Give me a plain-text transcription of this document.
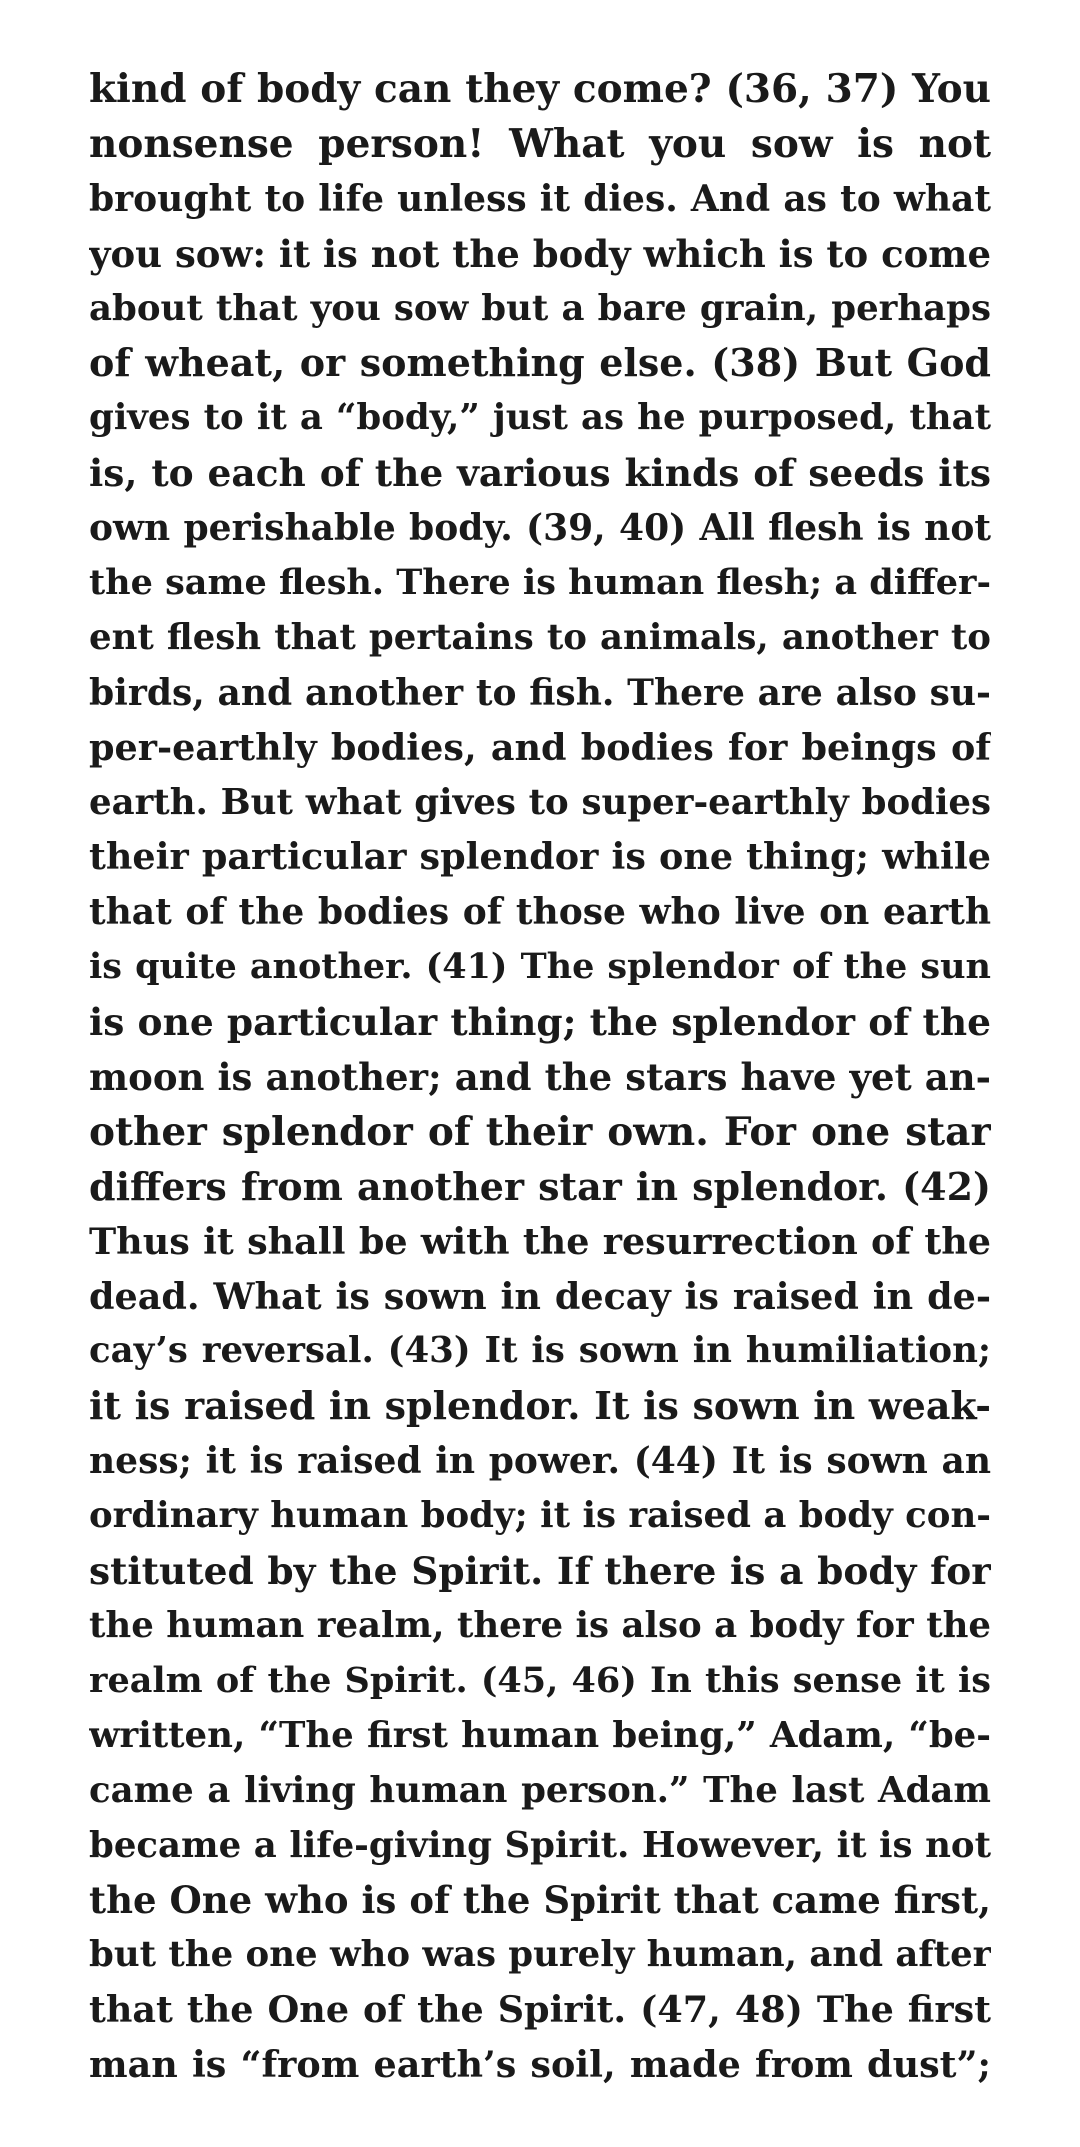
kind of body can they come? (36, 37) You
nonsense person! What you sow is not
brought to life unless it dies. And as to what
you sow: it is not the body which is to come
about that you sow but a bare grain, perhaps
of wheat, or something else. (38) But God
gives to it a “body,” just as he purposed, that
is, to each of the various kinds of seeds its
own perishable body. (39, 40) All flesh is not
the same flesh. There is human flesh; a differ-
ent flesh that pertains to animals, another to
birds, and another to fish. There are also su-
per-earthly bodies, and bodies for beings of
earth. But what gives to super-earthly bodies
their particular splendor is one thing; while
that of the bodies of those who live on earth
is quite another. (41) The splendor of the sun
is one particular thing; the splendor of the
moon is another; and the stars have yet an-
other splendor of their own. For one star
differs from another star in splendor. (42)
Thus it shall be with the resurrection of the
dead. What is sown in decay is raised in de-
cay’s reversal. (43) It is sown in humiliation;
it is raised in splendor. It is sown in weak-
ness; it is raised in power. (44) It is sown an
ordinary human body; it is raised a body con-
stituted by the Spirit. If there is a body for
the human realm, there is also a body for the
realm of the Spirit. (45, 46) In this sense it is
written, “The first human being,” Adam, “be-
came a living human person.” The last Adam
became a life-giving Spirit. However, it is not
the One who is of the Spirit that came first,
but the one who was purely human, and after
that the One of the Spirit. (47, 48) The first
man is “from earth’s soil, made from dust”;
